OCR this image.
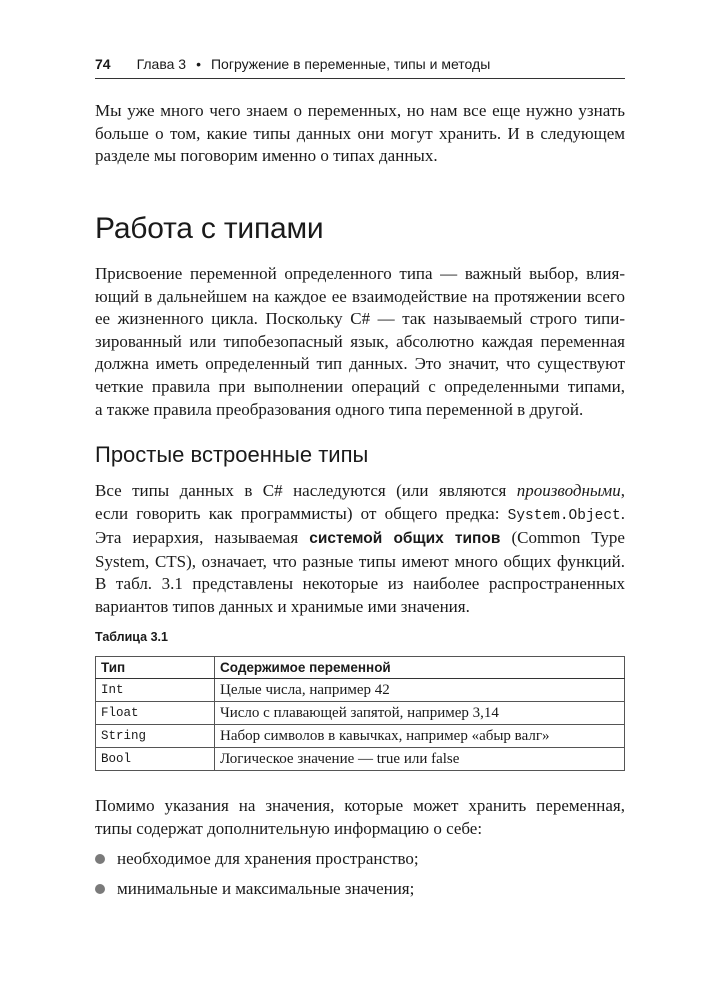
74 Глава 3 • Погружение в переменные, типы и методы

Мы уже много чего знаем о переменных, но нам все еще нужно узнать
больше о том, какие типы данных они могут хранить. И в следующем
разделе мы поговорим именно о типах данных.

Работа с типами

Присвоение переменной определенного типа — важный выбор, влия-
ющий в дальнейшем на каждое ее взаимодействие на протяжении всего
ее жизненного цикла. Поскольку C# — так называемый строго типи-
зированный или типобезопасный язык, абсолютно каждая переменная
должна иметь определенный тип данных. Это значит, что существуют
четкие правила при выполнении операций с определенными типами,
а также правила преобразования одного типа переменной в другой.

Простые встроенные типы

Все типы данных в C# наследуются (или являются производными,
если говорить как программисты) от общего предка: System.Object.
Эта иерархия, называемая системой общих типов (Common Type
System, CTS), означает, что разные типы имеют много общих функций.
В табл. 3.1 представлены некоторые из наиболее распространенных
вариантов типов данных и хранимые ими значения.

Таблица 3.1
Тип	Содержимое переменной
Int	Целые числа, например 42
Float	Число с плавающей запятой, например 3,14
String	Набор символов в кавычках, например «абыр валг»
Bool	Логическое значение — true или false

Помимо указания на значения, которые может хранить переменная,
типы содержат дополнительную информацию о себе:

необходимое для хранения пространство;
минимальные и максимальные значения;
